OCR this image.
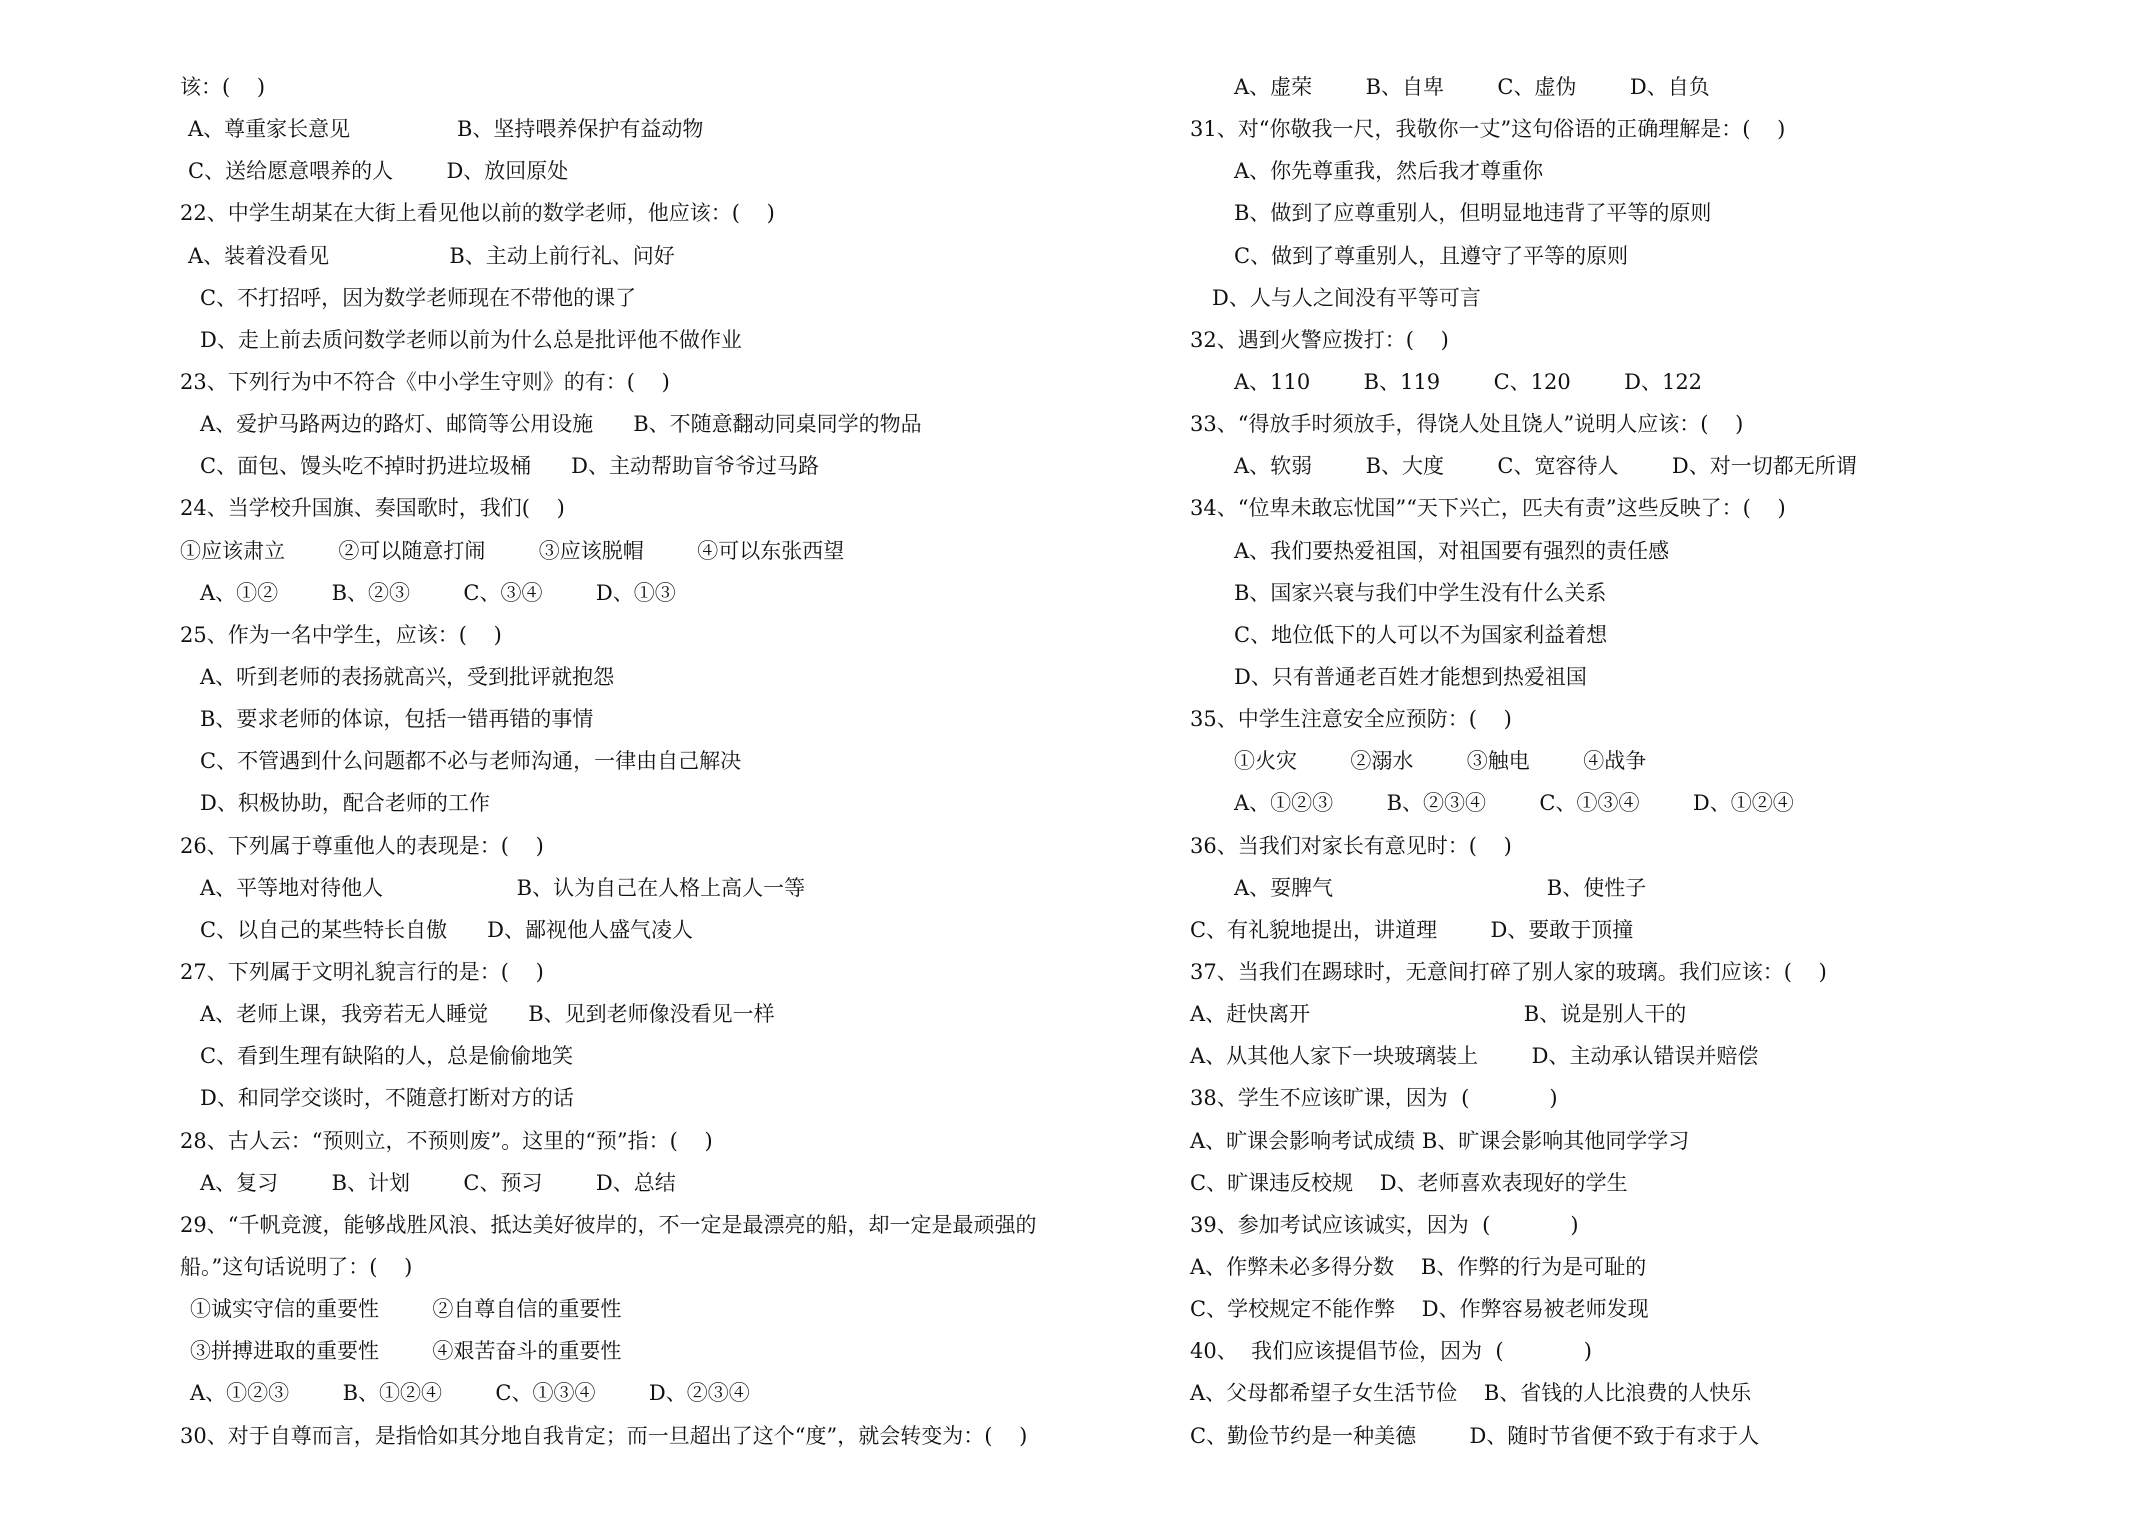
该：(    )
A、尊重家长意见                B、坚持喂养保护有益动物
C、送给愿意喂养的人        D、放回原处
22、中学生胡某在大街上看见他以前的数学老师，他应该：(    )
A、装着没看见                  B、主动上前行礼、问好
C、不打招呼，因为数学老师现在不带他的课了
D、走上前去质问数学老师以前为什么总是批评他不做作业
23、下列行为中不符合《中小学生守则》的有：(    )
A、爱护马路两边的路灯、邮筒等公用设施      B、不随意翻动同桌同学的物品
C、面包、馒头吃不掉时扔进垃圾桶      D、主动帮助盲爷爷过马路
24、当学校升国旗、奏国歌时，我们(    )
①应该肃立        ②可以随意打闹        ③应该脱帽        ④可以东张西望
A、①②        B、②③        C、③④        D、①③
25、作为一名中学生，应该：(    )
A、听到老师的表扬就高兴，受到批评就抱怨
B、要求老师的体谅，包括一错再错的事情
C、不管遇到什么问题都不必与老师沟通，一律由自己解决
D、积极协助，配合老师的工作
26、下列属于尊重他人的表现是：(    )
A、平等地对待他人                    B、认为自己在人格上高人一等
C、以自己的某些特长自傲      D、鄙视他人盛气凌人
27、下列属于文明礼貌言行的是：(    )
A、老师上课，我旁若无人睡觉      B、见到老师像没看见一样
C、看到生理有缺陷的人，总是偷偷地笑
D、和同学交谈时，不随意打断对方的话
28、古人云：“预则立，不预则废”。这里的“预”指：(    )
A、复习        B、计划        C、预习        D、总结
29、“千帆竞渡，能够战胜风浪、抵达美好彼岸的，不一定是最漂亮的船，却一定是最顽强的
船。”这句话说明了：(    )
①诚实守信的重要性        ②自尊自信的重要性
③拼搏进取的重要性        ④艰苦奋斗的重要性
A、①②③        B、①②④        C、①③④        D、②③④
30、对于自尊而言，是指恰如其分地自我肯定；而一旦超出了这个“度”，就会转变为：(    )
A、虚荣        B、自卑        C、虚伪        D、自负
31、对“你敬我一尺，我敬你一丈”这句俗语的正确理解是：(    )
A、你先尊重我，然后我才尊重你
B、做到了应尊重别人，但明显地违背了平等的原则
C、做到了尊重别人，且遵守了平等的原则
D、人与人之间没有平等可言
32、遇到火警应拨打：(    )
A、110        B、119        C、120        D、122
33、“得放手时须放手，得饶人处且饶人”说明人应该：(    )
A、软弱        B、大度        C、宽容待人        D、对一切都无所谓
34、“位卑未敢忘忧国”“天下兴亡，匹夫有责”这些反映了：(    )
A、我们要热爱祖国，对祖国要有强烈的责任感
B、国家兴衰与我们中学生没有什么关系
C、地位低下的人可以不为国家利益着想
D、只有普通老百姓才能想到热爱祖国
35、中学生注意安全应预防：(    )
①火灾        ②溺水        ③触电        ④战争
A、①②③        B、②③④        C、①③④        D、①②④
36、当我们对家长有意见时：(    )
A、耍脾气                                B、使性子
C、有礼貌地提出，讲道理        D、要敢于顶撞
37、当我们在踢球时，无意间打碎了别人家的玻璃。我们应该：(    )
A、赶快离开                                B、说是别人干的
A、从其他人家下一块玻璃装上        D、主动承认错误并赔偿
38、学生不应该旷课，因为  (            )
A、旷课会影响考试成绩 B、旷课会影响其他同学学习
C、旷课违反校规    D、老师喜欢表现好的学生
39、参加考试应该诚实，因为  (            )
A、作弊未必多得分数    B、作弊的行为是可耻的
C、学校规定不能作弊    D、作弊容易被老师发现
40、  我们应该提倡节俭，因为  (            )
A、父母都希望子女生活节俭    B、省钱的人比浪费的人快乐
C、勤俭节约是一种美德        D、随时节省便不致于有求于人
